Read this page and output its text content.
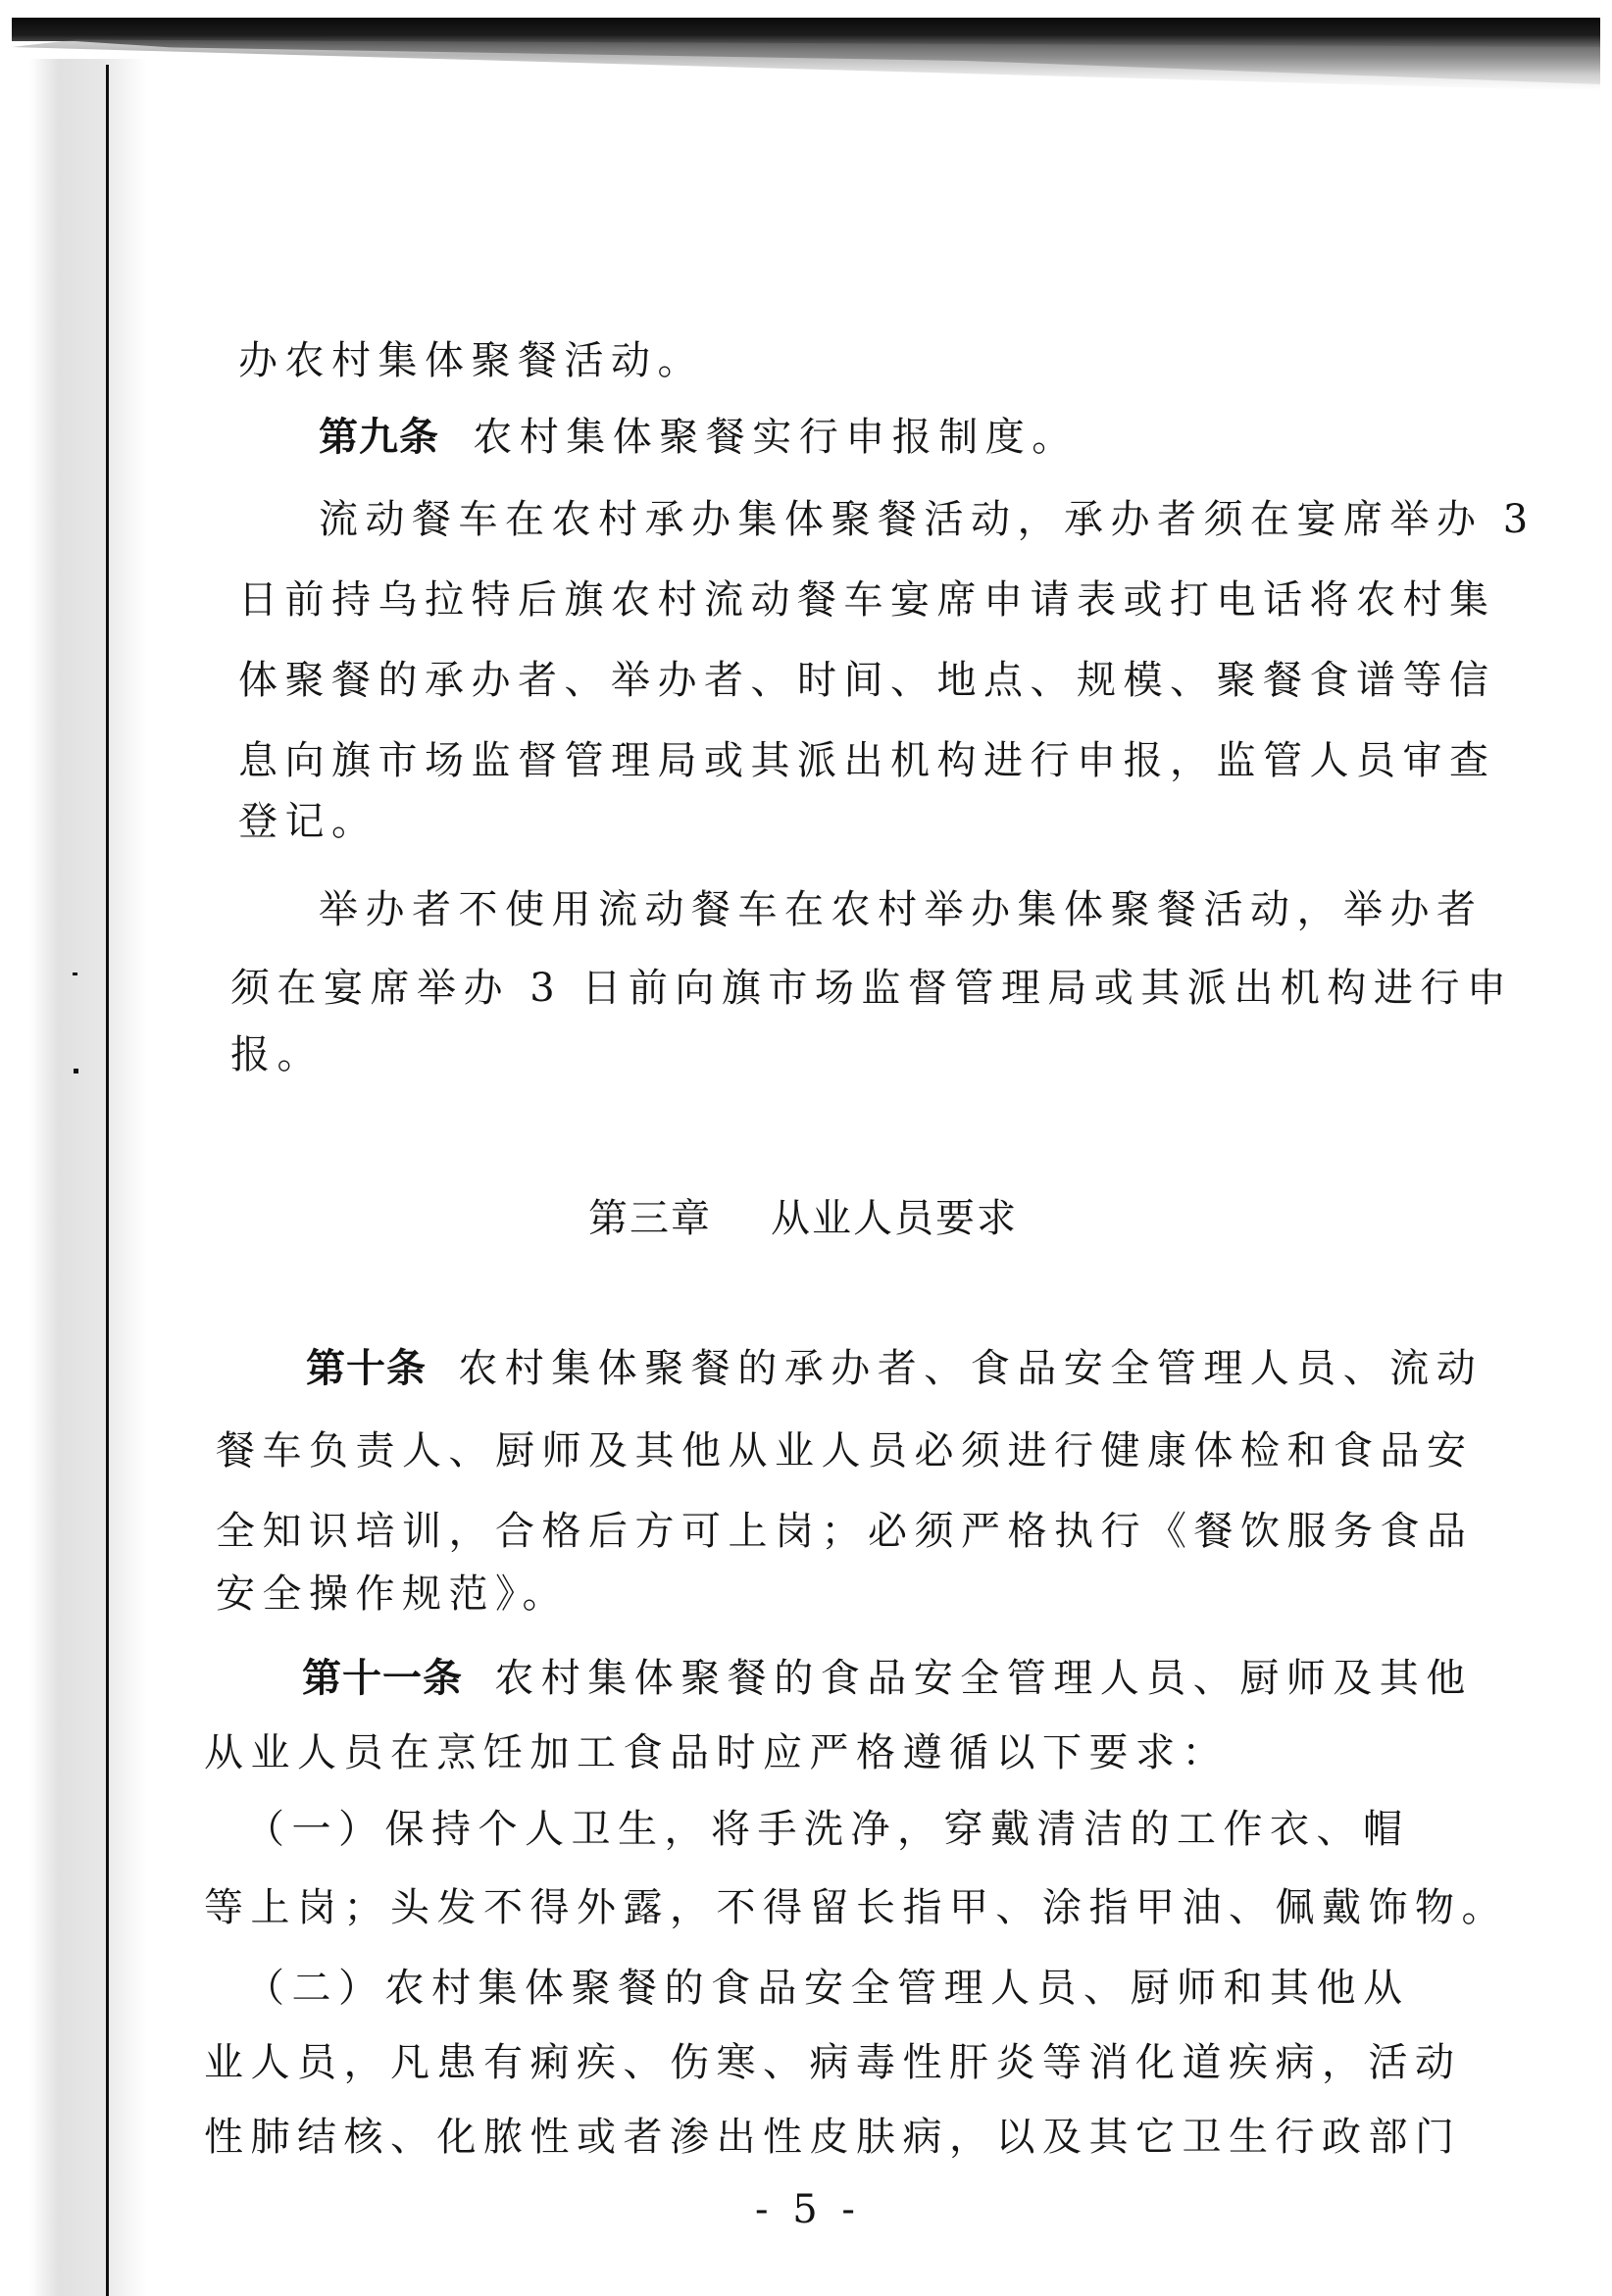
办农村集体聚餐活动。
第九条 农村集体聚餐实行申报制度。
流动餐车在农村承办集体聚餐活动，承办者须在宴席举办 3
日前持乌拉特后旗农村流动餐车宴席申请表或打电话将农村集
体聚餐的承办者、举办者、时间、地点、规模、聚餐食谱等信
息向旗市场监督管理局或其派出机构进行申报，监管人员审查
登记。
举办者不使用流动餐车在农村举办集体聚餐活动，举办者
须在宴席举办 3 日前向旗市场监督管理局或其派出机构进行申
报。
第三章 从业人员要求
第十条 农村集体聚餐的承办者、食品安全管理人员、流动
餐车负责人、厨师及其他从业人员必须进行健康体检和食品安
全知识培训，合格后方可上岗；必须严格执行《餐饮服务食品
安全操作规范》。
第十一条 农村集体聚餐的食品安全管理人员、厨师及其他
从业人员在烹饪加工食品时应严格遵循以下要求：
（一）保持个人卫生，将手洗净，穿戴清洁的工作衣、帽
等上岗；头发不得外露，不得留长指甲、涂指甲油、佩戴饰物。
（二）农村集体聚餐的食品安全管理人员、厨师和其他从
业人员，凡患有痢疾、伤寒、病毒性肝炎等消化道疾病，活动
性肺结核、化脓性或者渗出性皮肤病，以及其它卫生行政部门
- 5 -
